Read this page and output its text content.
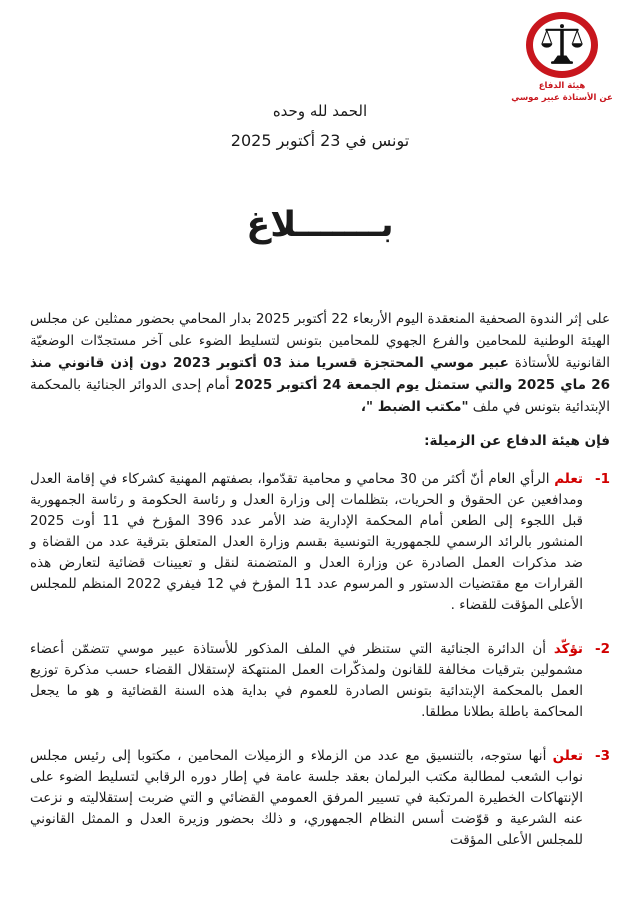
هيئة الدفاع
عن الأستاذة عبير موسي
الحمد لله وحده
تونس في 23 أكتوبر 2025
بـــــــلاغ

على إثر الندوة الصحفية المنعقدة اليوم الأربعاء 22 أكتوبر 2025 بدار المحامي بحضور ممثلين عن مجلس الهيئة الوطنية للمحامين والفرع الجهوي للمحامين بتونس لتسليط الضوء على آخر مستجدّات الوضعيّة القانونية للأستاذة عبير موسي المحتجزة قسريا منذ 03 أكتوبر 2023 دون إذن قانوني منذ 26 ماي 2025 والتي ستمثل يوم الجمعة 24 أكتوبر 2025 أمام إحدى الدوائر الجنائية بالمحكمة الإبتدائية بتونس في ملف "مكتب الضبط "،

فإن هيئة الدفاع عن الزميلة:

1-
تعلم الرأي العام أنّ أكثر من 30 محامي و محامية تقدّموا، بصفتهم المهنية كشركاء في إقامة العدل ومدافعين عن الحقوق و الحريات، بتظلمات إلى وزارة العدل و رئاسة الحكومة و رئاسة الجمهورية قبل اللجوء إلى الطعن أمام المحكمة الإدارية ضد الأمر عدد 396 المؤرخ في 11 أوت 2025 المنشور بالرائد الرسمي للجمهورية التونسية بقسم وزارة العدل المتعلق بترقية عدد من القضاة و ضد مذكرات العمل الصادرة عن وزارة العدل و المتضمنة لنقل و تعيينات قضائية لتعارض هذه القرارات مع مقتضيات الدستور و المرسوم عدد 11 المؤرخ في 12 فيفري 2022 المنظم للمجلس الأعلى المؤقت للقضاء .
2-
تؤكّد أن الدائرة الجنائية التي ستنظر في الملف المذكور للأستاذة عبير موسي تتضمّن أعضاء مشمولين بترقيات مخالفة للقانون ولمذكّرات العمل المنتهكة لإستقلال القضاء حسب مذكرة توزيع العمل بالمحكمة الإبتدائية بتونس الصادرة للعموم في بداية هذه السنة القضائية و هو ما يجعل المحاكمة باطلة بطلانا مطلقا.
3-
تعلن أنها ستوجه، بالتنسيق مع عدد من الزملاء و الزميلات المحامين ، مكتوبا إلى رئيس مجلس نواب الشعب لمطالبة مكتب البرلمان بعقد جلسة عامة في إطار دوره الرقابي لتسليط الضوء على الإنتهاكات الخطيرة المرتكبة في تسيير المرفق العمومي القضائي و التي ضربت إستقلاليته و نزعت عنه الشرعية و قوّضت أسس النظام الجمهوري، و ذلك بحضور وزيرة العدل و الممثل القانوني للمجلس الأعلى المؤقت
